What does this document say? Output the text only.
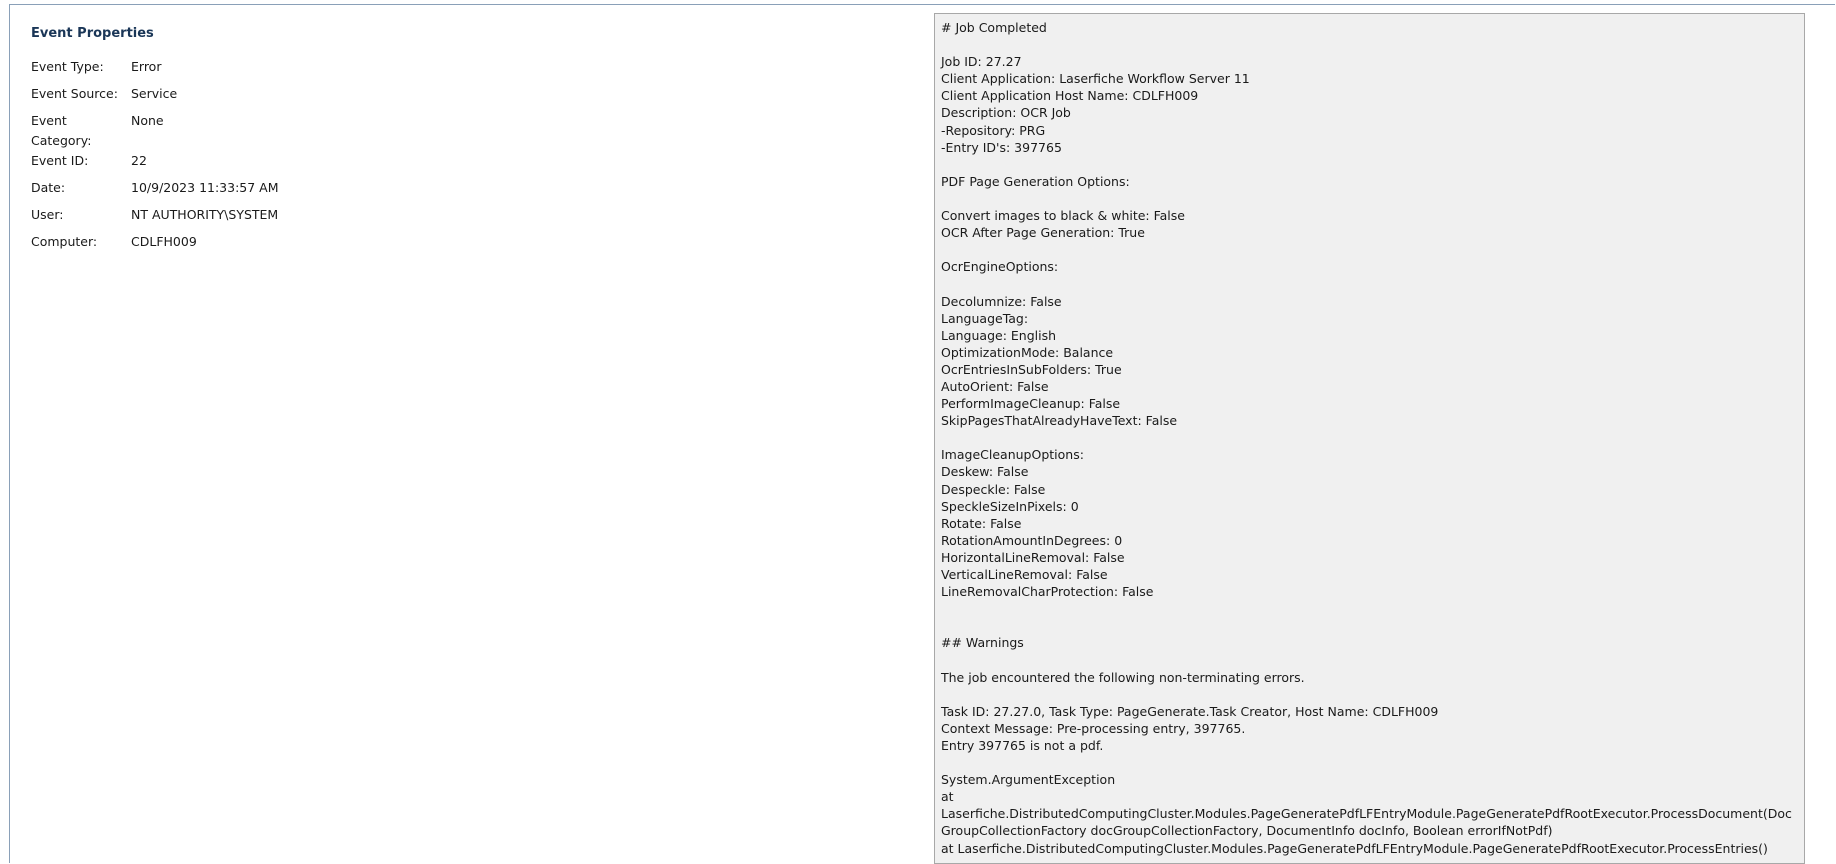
Event Properties
Event Type:	Error
Event Source:	Service
Event Category:	None
Event ID:	22
Date:	10/9/2023 11:33:57 AM
User:	NT AUTHORITY\SYSTEM
Computer:	CDLFH009
# Job Completed

Job ID: 27.27
Client Application: Laserfiche Workflow Server 11
Client Application Host Name: CDLFH009
Description: OCR Job
-Repository: PRG
-Entry ID's: 397765

PDF Page Generation Options:

Convert images to black & white: False
OCR After Page Generation: True

OcrEngineOptions:

Decolumnize: False
LanguageTag:
Language: English
OptimizationMode: Balance
OcrEntriesInSubFolders: True
AutoOrient: False
PerformImageCleanup: False
SkipPagesThatAlreadyHaveText: False

ImageCleanupOptions:
Deskew: False
Despeckle: False
SpeckleSizeInPixels: 0
Rotate: False
RotationAmountInDegrees: 0
HorizontalLineRemoval: False
VerticalLineRemoval: False
LineRemovalCharProtection: False

## Warnings

The job encountered the following non-terminating errors.

Task ID: 27.27.0, Task Type: PageGenerate.Task Creator, Host Name: CDLFH009
Context Message: Pre-processing entry, 397765.
Entry 397765 is not a pdf.

System.ArgumentException
at
Laserfiche.DistributedComputingCluster.Modules.PageGeneratePdfLFEntryModule.PageGeneratePdfRootExecutor.ProcessDocument(DocGroupCollectionFactory docGroupCollectionFactory, DocumentInfo docInfo, Boolean errorIfNotPdf)
at Laserfiche.DistributedComputingCluster.Modules.PageGeneratePdfLFEntryModule.PageGeneratePdfRootExecutor.ProcessEntries()
